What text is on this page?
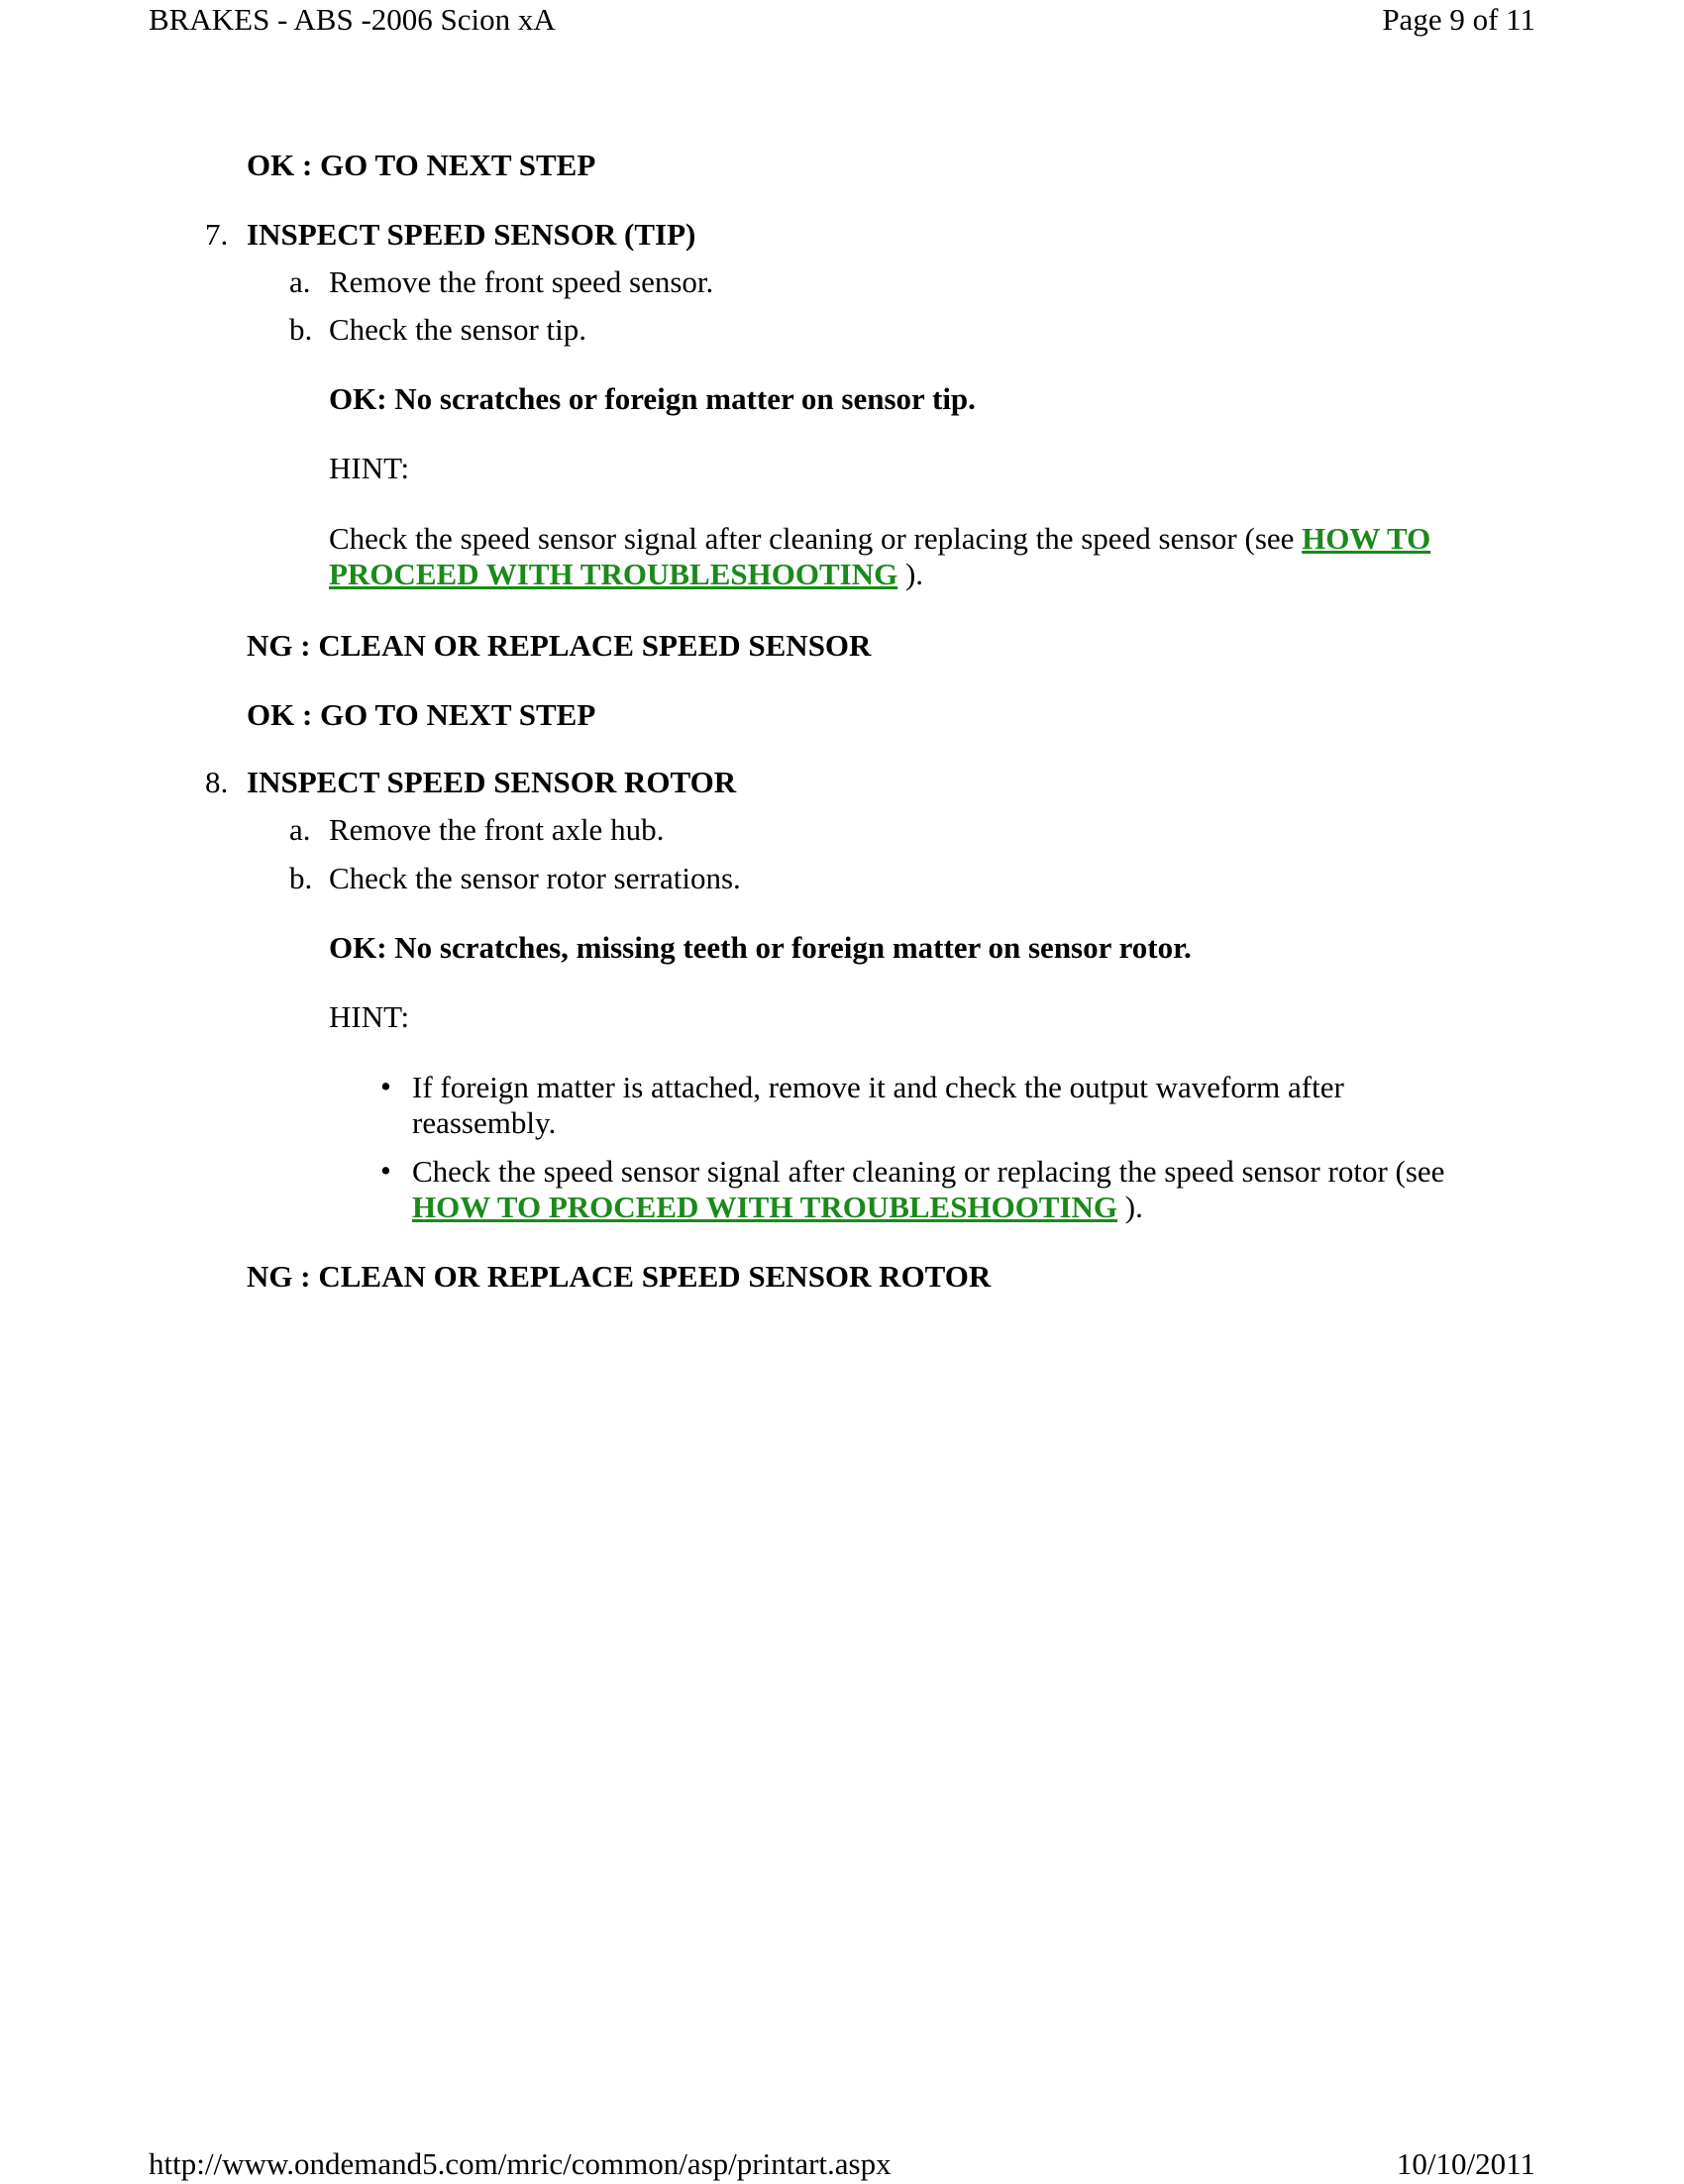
BRAKES - ABS -2006 Scion xA	Page 9 of 11
OK : GO TO NEXT STEP
7. INSPECT SPEED SENSOR (TIP)
a. Remove the front speed sensor.
b. Check the sensor tip.
OK: No scratches or foreign matter on sensor tip.
HINT:
Check the speed sensor signal after cleaning or replacing the speed sensor (see HOW TO PROCEED WITH TROUBLESHOOTING ).
NG : CLEAN OR REPLACE SPEED SENSOR
OK : GO TO NEXT STEP
8. INSPECT SPEED SENSOR ROTOR
a. Remove the front axle hub.
b. Check the sensor rotor serrations.
OK: No scratches, missing teeth or foreign matter on sensor rotor.
HINT:
• If foreign matter is attached, remove it and check the output waveform after reassembly.
• Check the speed sensor signal after cleaning or replacing the speed sensor rotor (see HOW TO PROCEED WITH TROUBLESHOOTING ).
NG : CLEAN OR REPLACE SPEED SENSOR ROTOR
http://www.ondemand5.com/mric/common/asp/printart.aspx	10/10/2011
